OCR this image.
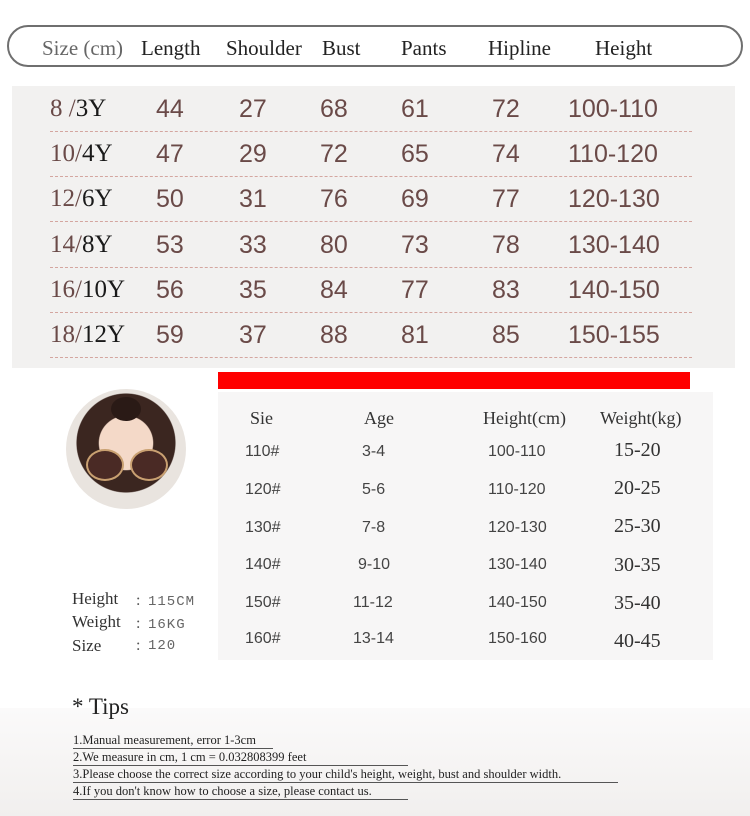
Size (cm) Length Shoulder Bust Pants Hipline Height
8 /3Y 44 27 68 61	72 100-110
10/4Y 47 29 72 65	74 110-120
12/6Y 50 31 76 69	77 120-130
14/8Y 53 33 80 73	78 130-140
16/10Y 56 35 84 77	83 140-150
18/12Y 59 37 88 81	85 150-155
Height : 115CM
Weight : 16KG
Size : 120
Sie	Age	Height(cm) Weight(kg)
110#	3-4	100-110	15-20
120#	5-6	110-120	20-25
130#	7-8	120-130	25-30
140#	9-10	130-140	30-35
150#	11-12	140-150	35-40
160#	13-14	150-160	40-45
* Tips
1.Manual measurement, error 1-3cm
2.We measure in cm, 1 cm = 0.032808399 feet
3.Please choose the correct size according to your child's height, weight, bust and shoulder width.
4.If you don't know how to choose a size, please contact us.
